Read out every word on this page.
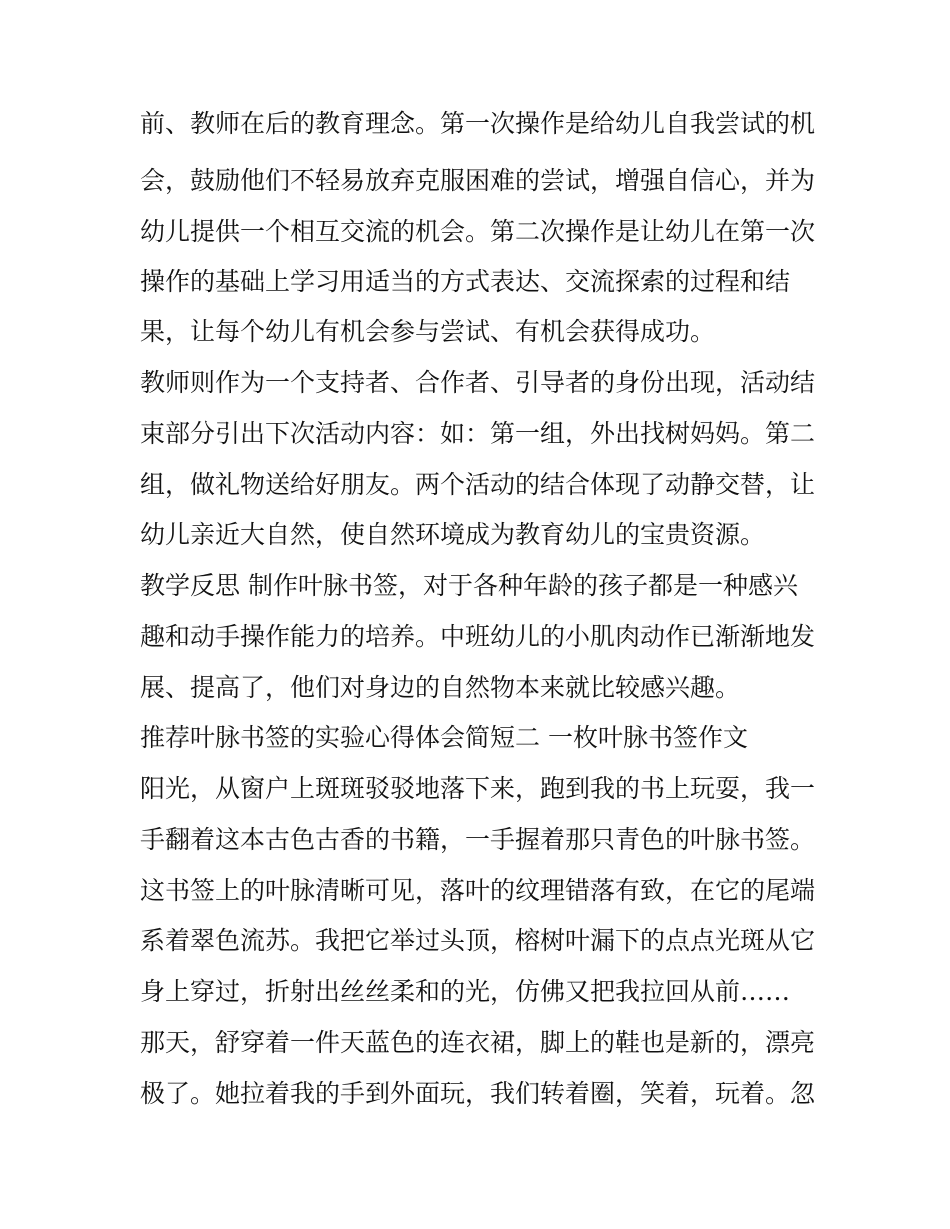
前、教师在后的教育理念。第一次操作是给幼儿自我尝试的机
会，鼓励他们不轻易放弃克服困难的尝试，增强自信心，并为
幼儿提供一个相互交流的机会。第二次操作是让幼儿在第一次
操作的基础上学习用适当的方式表达、交流探索的过程和结
果，让每个幼儿有机会参与尝试、有机会获得成功。
教师则作为一个支持者、合作者、引导者的身份出现，活动结
束部分引出下次活动内容：如：第一组，外出找树妈妈。第二
组，做礼物送给好朋友。两个活动的结合体现了动静交替，让
幼儿亲近大自然，使自然环境成为教育幼儿的宝贵资源。
教学反思 制作叶脉书签，对于各种年龄的孩子都是一种感兴
趣和动手操作能力的培养。中班幼儿的小肌肉动作已渐渐地发
展、提高了，他们对身边的自然物本来就比较感兴趣。
推荐叶脉书签的实验心得体会简短二 一枚叶脉书签作文
阳光，从窗户上斑斑驳驳地落下来，跑到我的书上玩耍，我一
手翻着这本古色古香的书籍，一手握着那只青色的叶脉书签。
这书签上的叶脉清晰可见，落叶的纹理错落有致，在它的尾端
系着翠色流苏。我把它举过头顶，榕树叶漏下的点点光斑从它
身上穿过，折射出丝丝柔和的光，仿佛又把我拉回从前……
那天，舒穿着一件天蓝色的连衣裙，脚上的鞋也是新的，漂亮
极了。她拉着我的手到外面玩，我们转着圈，笑着，玩着。忽
